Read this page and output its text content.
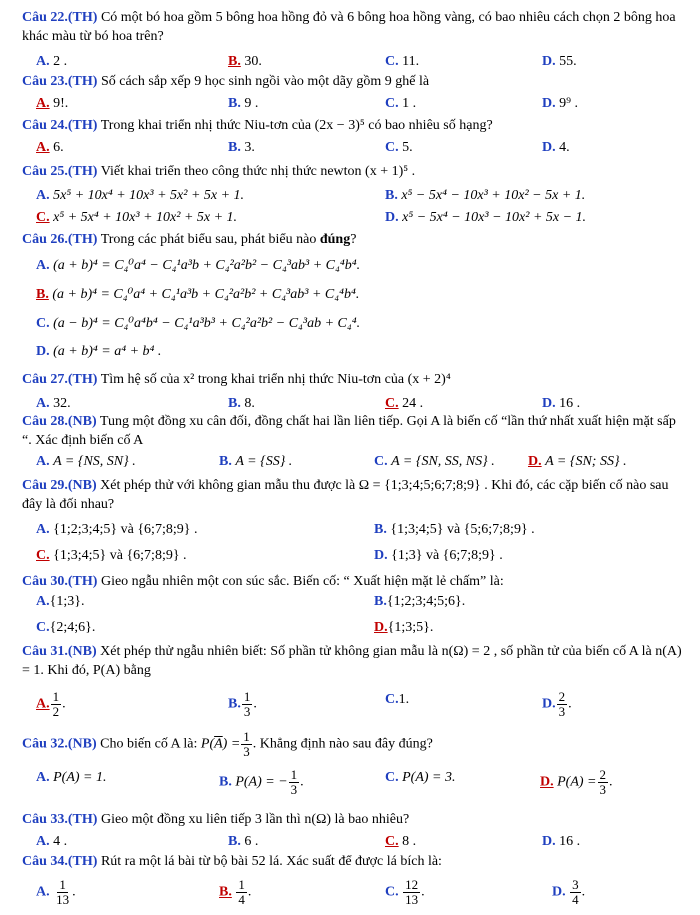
Câu 22.(TH) Có một bó hoa gồm 5 bông hoa hồng đỏ và 6 bông hoa hồng vàng, có bao nhiêu cách chọn 2 bông hoa khác màu từ bó hoa trên?
A. 2 .	B. 30.	C. 11.	D. 55.
Câu 23.(TH) Số cách sắp xếp 9 học sinh ngồi vào một dãy gồm 9 ghế là
A. 9!.	B. 9 .	C. 1 .	D. 9⁹ .
Câu 24.(TH) Trong khai triển nhị thức Niu-tơn của (2x − 3)⁵ có bao nhiêu số hạng?
A. 6.	B. 3.	C. 5.	D. 4.
Câu 25.(TH) Viết khai triển theo công thức nhị thức newton (x + 1)⁵ .
A. 5x⁵ + 10x⁴ + 10x³ + 5x² + 5x + 1.	B. x⁵ − 5x⁴ − 10x³ + 10x² − 5x + 1.
C. x⁵ + 5x⁴ + 10x³ + 10x² + 5x + 1.	D. x⁵ − 5x⁴ − 10x³ − 10x² + 5x − 1.
Câu 26.(TH) Trong các phát biểu sau, phát biểu nào đúng?
A. (a + b)⁴ = C₄⁰a⁴ − C₄¹a³b + C₄²a²b² − C₄³ab³ + C₄⁴b⁴.
B. (a + b)⁴ = C₄⁰a⁴ + C₄¹a³b + C₄²a²b² + C₄³ab³ + C₄⁴b⁴.
C. (a − b)⁴ = C₄⁰a⁴b⁴ − C₄¹a³b³ + C₄²a²b² − C₄³ab + C₄⁴.
D. (a + b)⁴ = a⁴ + b⁴ .
Câu 27.(TH) Tìm hệ số của x² trong khai triển nhị thức Niu-tơn của (x + 2)⁴
A. 32.	B. 8.	C. 24 .	D. 16 .
Câu 28.(NB) Tung một đồng xu cân đối, đồng chất hai lần liên tiếp. Gọi A là biến cố “lần thứ nhất xuất hiện mặt sấp “. Xác định biến cố A
A. A = {NS, SN} .	B. A = {SS} .	C. A = {SN, SS, NS} . D. A = {SN; SS} .
Câu 29.(NB) Xét phép thử với không gian mẫu thu được là Ω = {1;3;4;5;6;7;8;9} . Khi đó, các cặp biến cố nào sau đây là đối nhau?
A. {1;2;3;4;5} và {6;7;8;9} .	B. {1;3;4;5} và {5;6;7;8;9} .
C. {1;3;4;5} và {6;7;8;9} .	D. {1;3} và {6;7;8;9} .
Câu 30.(TH) Gieo ngẫu nhiên một con súc sắc. Biến cố: “ Xuất hiện mặt lẻ chấm” là:
A.{1;3}.	B.{1;2;3;4;5;6}.
C.{2;4;6}.	D.{1;3;5}.
Câu 31.(NB) Xét phép thử ngẫu nhiên biết: Số phần tử không gian mẫu là n(Ω) = 2 , số phần tử của biến cố A là n(A) = 1. Khi đó, P(A) bằng
A. $\frac{1}{2}$ .	B. $\frac{1}{3}$ .	C.1.	D. $\frac{2}{3}$ .
Câu 32.(NB) Cho biến cố A là: $P(\overline{A}) = \frac{1}{3}$ . Khẳng định nào sau đây đúng?
A. P(A) = 1.	B. P(A) = − $\frac{1}{3}$ .	C. P(A) = 3.	D. $P(A) = \frac{2}{3}$ .
Câu 33.(TH) Gieo một đồng xu liên tiếp 3 lần thì n(Ω) là bao nhiêu?
A. 4 .	B. 6 .	C. 8 .	D. 16 .
Câu 34.(TH) Rút ra một lá bài từ bộ bài 52 lá. Xác suất để được lá bích là:
A. $\frac{1}{13}$ .	B. $\frac{1}{4}$ .	C. $\frac{12}{13}$ .	D. $\frac{3}{4}$ .
